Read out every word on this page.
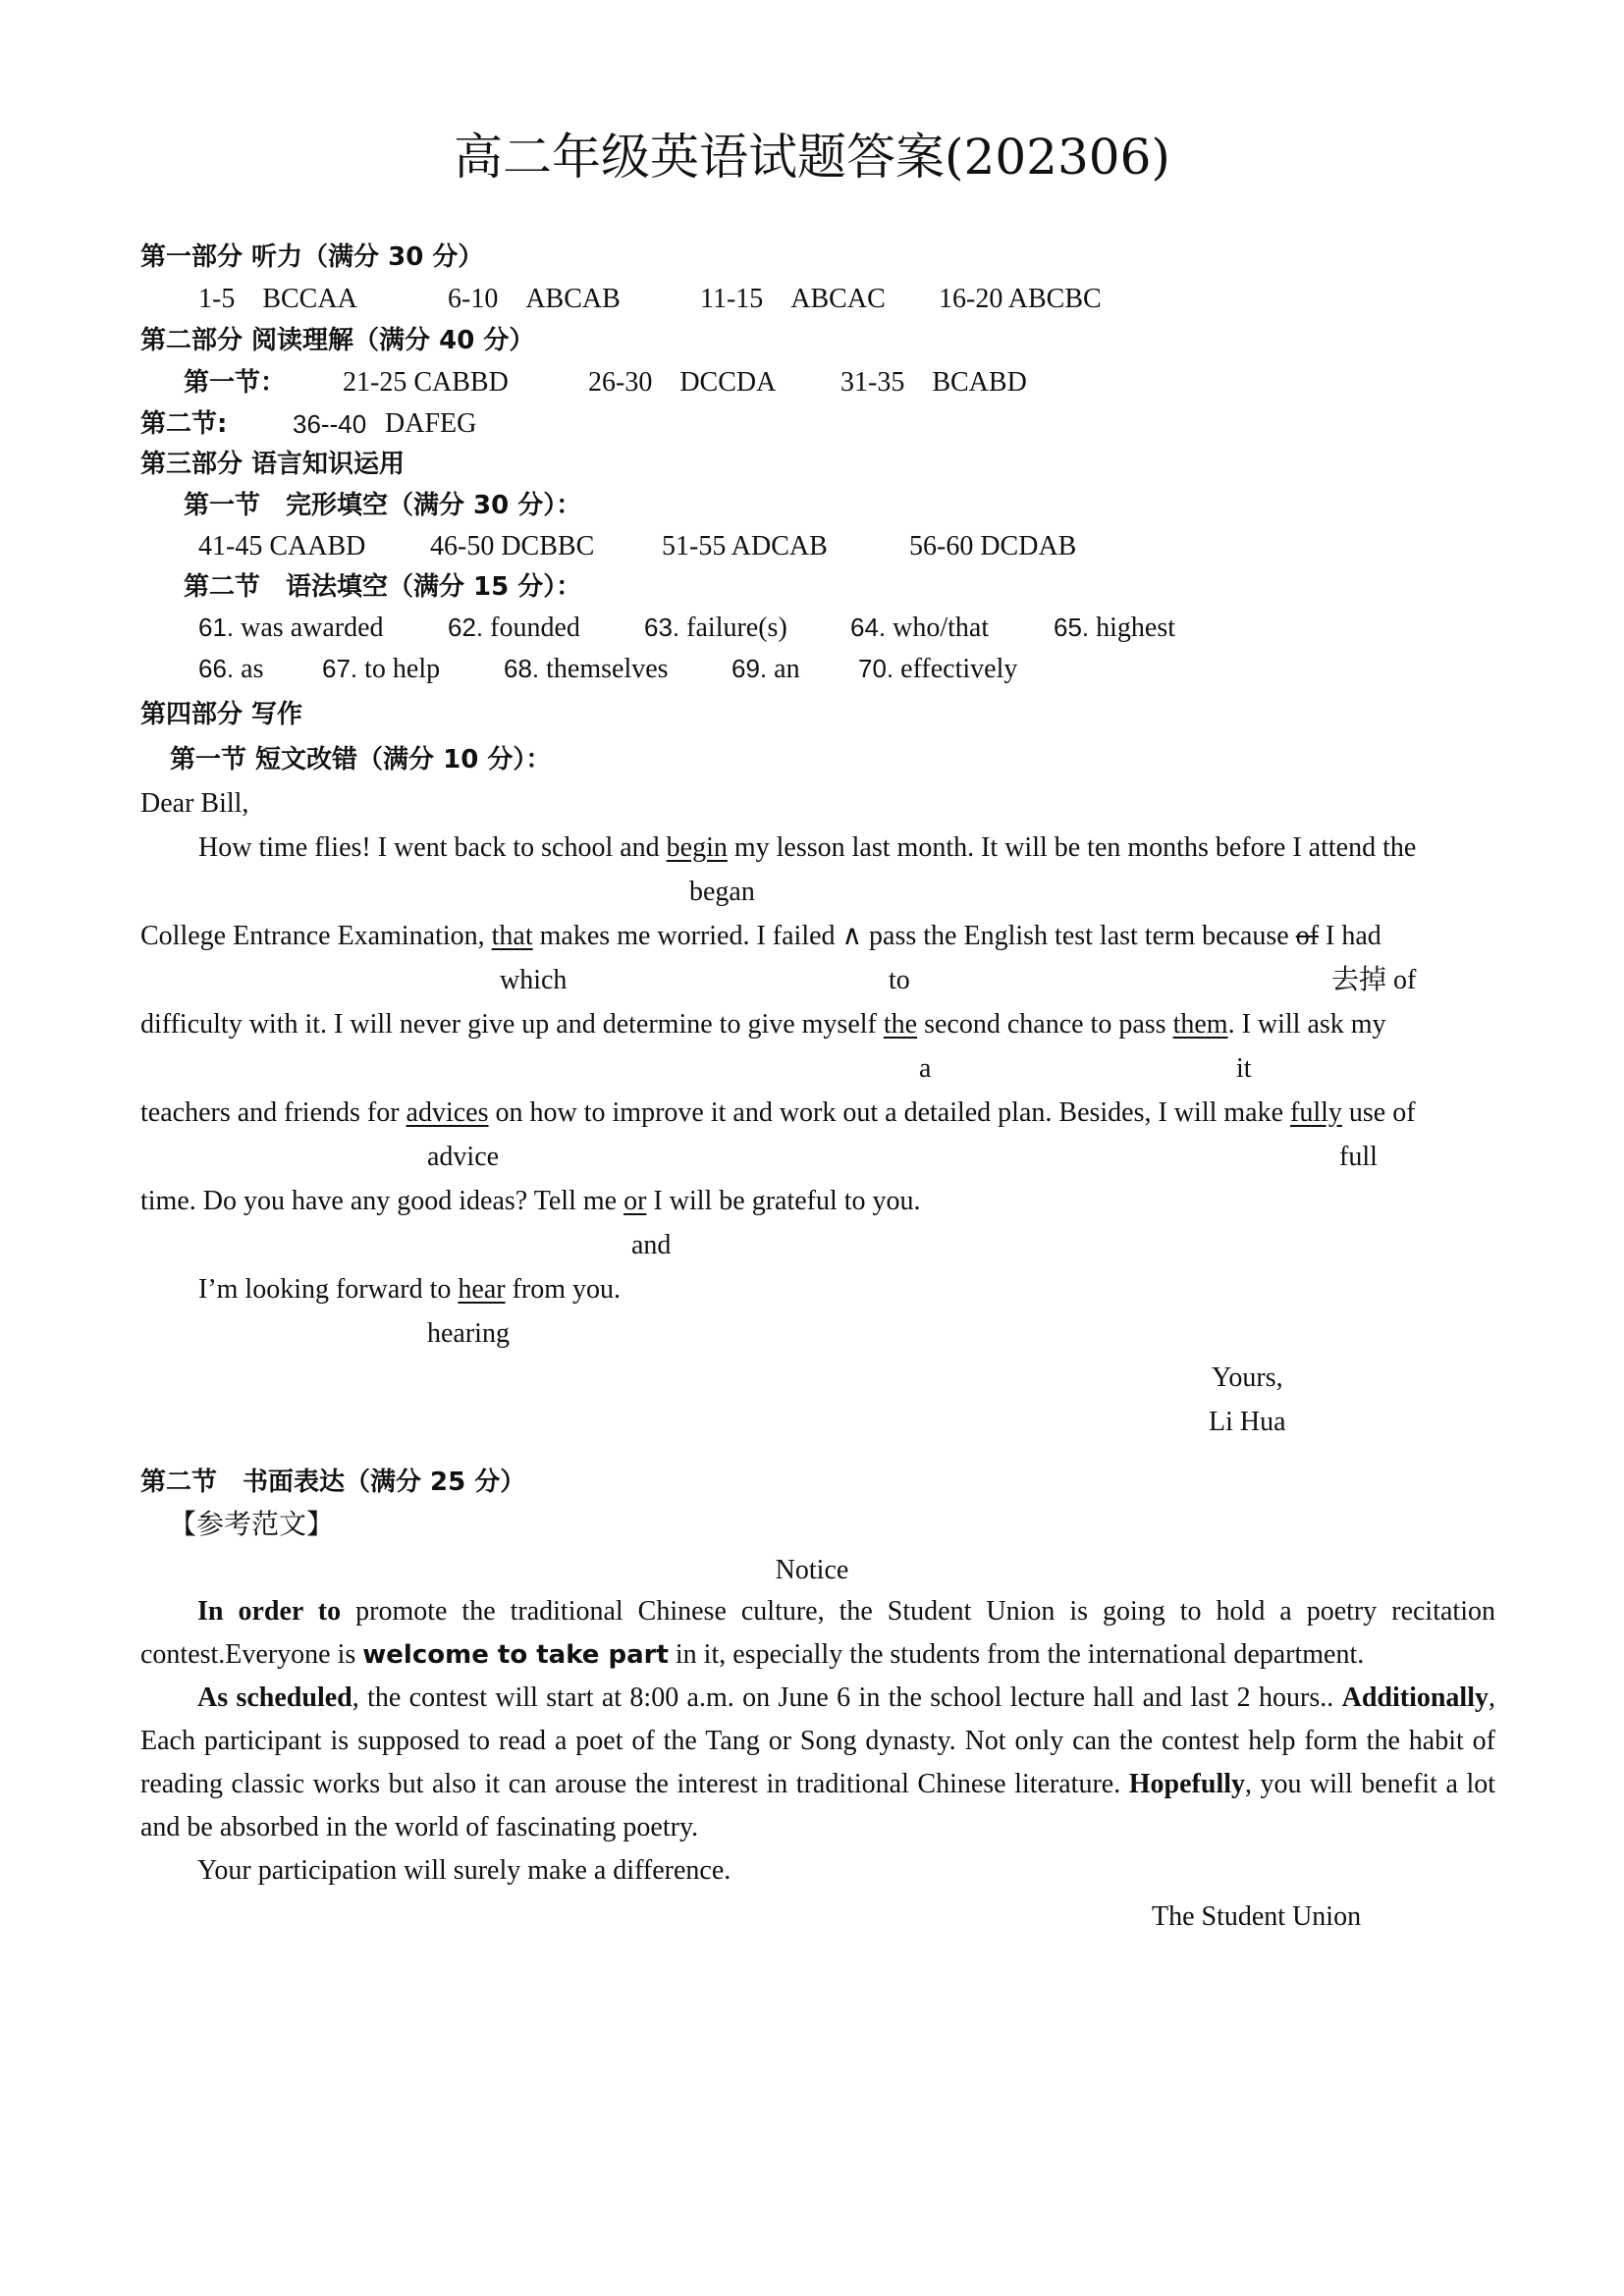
高二年级英语试题答案(202306)
第一部分 听力（满分 30 分）
1-5　BCCAA	6-10　ABCAB	11-15　ABCAC 16-20 ABCBC
第二部分 阅读理解（满分 40 分）
第一节： 21-25 CABBD	26-30　DCCDA 31-35　BCABD
第二节:	36--40 DAFEG
第三部分 语言知识运用
第一节　完形填空（满分 30 分）：
41-45 CAABD 46-50 DCBBC 51-55 ADCAB	56-60 DCDAB
第二节　语法填空（满分 15 分）：
61. was awarded	62. founded	63. failure(s) 64. who/that	65. highest
66. as 67. to help 68. themselves 69. an 70. effectively
第四部分 写作
第一节 短文改错（满分 10 分）：
Dear Bill,
How time flies! I went back to school and begin my lesson last month. It will be ten months before I attend the
began
College Entrance Examination, that makes me worried. I failed ∧ pass the English test last term because of I had
which	to	去掉 of
difficulty with it. I will never give up and determine to give myself the second chance to pass them. I will ask my
a	it
teachers and friends for advices on how to improve it and work out a detailed plan. Besides, I will make fully use of
advice	full
time. Do you have any good ideas? Tell me or I will be grateful to you.
and
I’m looking forward to hear from you.
hearing
Yours,
Li Hua
第二节　书面表达（满分 25 分）
【参考范文】
Notice

In order to promote the traditional Chinese culture, the Student Union is going to hold a poetry recitation contest.Everyone is welcome to take part in it, especially the students from the international department.

As scheduled, the contest will start at 8:00 a.m. on June 6 in the school lecture hall and last 2 hours.. Additionally, Each participant is supposed to read a poet of the Tang or Song dynasty. Not only can the contest help form the habit of reading classic works but also it can arouse the interest in traditional Chinese literature. Hopefully, you will benefit a lot and be absorbed in the world of fascinating poetry.

Your participation will surely make a difference.

The Student Union
